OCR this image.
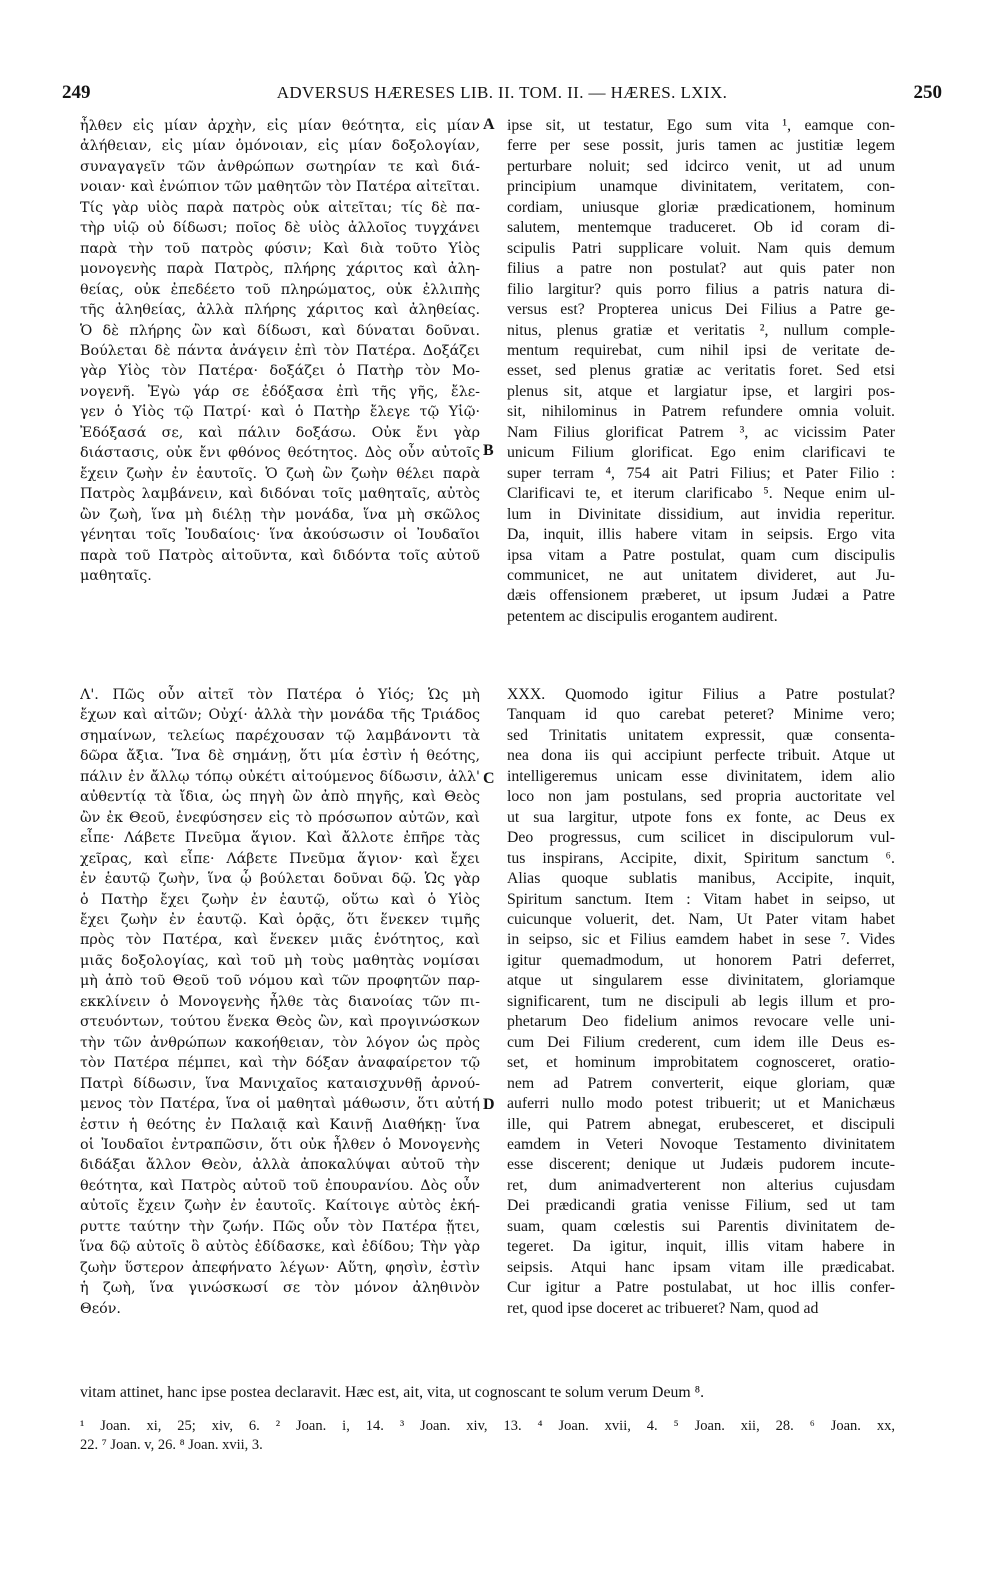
249	ADVERSUS HÆRESES LIB. II. TOM. II. — HÆRES. LXIX.	250
A
B
C
D
ἦλθεν εἰς μίαν ἀρχὴν, εἰς μίαν θεότητα, εἰς μίαν
ἀλήθειαν, εἰς μίαν ὁμόνοιαν, εἰς μίαν δοξολογίαν,
συναγαγεῖν τῶν ἀνθρώπων σωτηρίαν τε καὶ διά-
νοιαν· καὶ ἐνώπιον τῶν μαθητῶν τὸν Πατέρα αἰτεῖται.
Τίς γὰρ υἱὸς παρὰ πατρὸς οὐκ αἰτεῖται; τίς δὲ πα-
τὴρ υἱῷ οὐ δίδωσι; ποῖος δὲ υἱὸς ἀλλοῖος τυγχάνει
παρὰ τὴν τοῦ πατρὸς φύσιν; Καὶ διὰ τοῦτο Υἱὸς
μονογενὴς παρὰ Πατρὸς, πλήρης χάριτος καὶ ἀλη-
θείας, οὐκ ἐπεδέετο τοῦ πληρώματος, οὐκ ἐλλιπὴς
τῆς ἀληθείας, ἀλλὰ πλήρης χάριτος καὶ ἀληθείας.
Ὁ δὲ πλήρης ὢν καὶ δίδωσι, καὶ δύναται δοῦναι.
Βούλεται δὲ πάντα ἀνάγειν ἐπὶ τὸν Πατέρα. Δοξάζει
γὰρ Υἱὸς τὸν Πατέρα· δοξάζει ὁ Πατὴρ τὸν Μο-
νογενῆ. Ἐγὼ γάρ σε ἐδόξασα ἐπὶ τῆς γῆς, ἔλε-
γεν ὁ Υἱὸς τῷ Πατρί· καὶ ὁ Πατὴρ ἔλεγε τῷ Υἱῷ·
Ἐδόξασά σε, καὶ πάλιν δοξάσω. Οὐκ ἔνι γὰρ
διάστασις, οὐκ ἔνι φθόνος θεότητος. Δὸς οὖν αὐτοῖς
ἔχειν ζωὴν ἐν ἑαυτοῖς. Ὁ ζωὴ ὢν ζωὴν θέλει παρὰ
Πατρὸς λαμβάνειν, καὶ διδόναι τοῖς μαθηταῖς, αὐτὸς
ὢν ζωὴ, ἵνα μὴ διέλῃ τὴν μονάδα, ἵνα μὴ σκῶλος
γένηται τοῖς Ἰουδαίοις· ἵνα ἀκούσωσιν οἱ Ἰουδαῖοι
παρὰ τοῦ Πατρὸς αἰτοῦντα, καὶ διδόντα τοῖς αὐτοῦ
μαθηταῖς.
Λ'. Πῶς οὖν αἰτεῖ τὸν Πατέρα ὁ Υἱός; Ὡς μὴ
ἔχων καὶ αἰτῶν; Οὐχί· ἀλλὰ τὴν μονάδα τῆς Τριάδος
σημαίνων, τελείως παρέχουσαν τῷ λαμβάνοντι τὰ
δῶρα ἄξια. Ἵνα δὲ σημάνῃ, ὅτι μία ἐστὶν ἡ θεότης,
πάλιν ἐν ἄλλῳ τόπῳ οὐκέτι αἰτούμενος δίδωσιν, ἀλλ'
αὐθεντίᾳ τὰ ἴδια, ὡς πηγὴ ὢν ἀπὸ πηγῆς, καὶ Θεὸς
ὢν ἐκ Θεοῦ, ἐνεφύσησεν εἰς τὸ πρόσωπον αὐτῶν, καὶ
εἶπε· Λάβετε Πνεῦμα ἅγιον. Καὶ ἄλλοτε ἐπῆρε τὰς
χεῖρας, καὶ εἶπε· Λάβετε Πνεῦμα ἅγιον· καὶ ἔχει
ἐν ἑαυτῷ ζωὴν, ἵνα ᾧ βούλεται δοῦναι δῷ. Ὡς γὰρ
ὁ Πατὴρ ἔχει ζωὴν ἐν ἑαυτῷ, οὕτω καὶ ὁ Υἱὸς
ἔχει ζωὴν ἐν ἑαυτῷ. Καὶ ὁρᾷς, ὅτι ἕνεκεν τιμῆς
πρὸς τὸν Πατέρα, καὶ ἕνεκεν μιᾶς ἑνότητος, καὶ
μιᾶς δοξολογίας, καὶ τοῦ μὴ τοὺς μαθητὰς νομίσαι
μὴ ἀπὸ τοῦ Θεοῦ τοῦ νόμου καὶ τῶν προφητῶν παρ-
εκκλίνειν ὁ Μονογενὴς ἦλθε τὰς διανοίας τῶν πι-
στευόντων, τούτου ἕνεκα Θεὸς ὢν, καὶ προγινώσκων
τὴν τῶν ἀνθρώπων κακοήθειαν, τὸν λόγον ὡς πρὸς
τὸν Πατέρα πέμπει, καὶ τὴν δόξαν ἀναφαίρετον τῷ
Πατρὶ δίδωσιν, ἵνα Μανιχαῖος καταισχυνθῇ ἀρνού-
μενος τὸν Πατέρα, ἵνα οἱ μαθηταὶ μάθωσιν, ὅτι αὐτή
ἐστιν ἡ θεότης ἐν Παλαιᾷ καὶ Καινῇ Διαθήκῃ· ἵνα
οἱ Ἰουδαῖοι ἐντραπῶσιν, ὅτι οὐκ ἦλθεν ὁ Μονογενὴς
διδάξαι ἄλλον Θεὸν, ἀλλὰ ἀποκαλύψαι αὐτοῦ τὴν
θεότητα, καὶ Πατρὸς αὐτοῦ τοῦ ἐπουρανίου. Δὸς οὖν
αὐτοῖς ἔχειν ζωὴν ἐν ἑαυτοῖς. Καίτοιγε αὐτὸς ἐκή-
ρυττε ταύτην τὴν ζωήν. Πῶς οὖν τὸν Πατέρα ᾔτει,
ἵνα δῷ αὐτοῖς ὃ αὐτὸς ἐδίδασκε, καὶ ἐδίδου; Τὴν γὰρ
ζωὴν ὕστερον ἀπεφήνατο λέγων· Αὕτη, φησὶν, ἐστὶν
ἡ ζωὴ, ἵνα γινώσκωσί σε τὸν μόνον ἀληθινὸν
Θεόν.
ipse sit, ut testatur, Ego sum vita ¹, eamque con-
ferre per sese possit, juris tamen ac justitiæ legem
perturbare noluit; sed idcirco venit, ut ad unum
principium unamque divinitatem, veritatem, con-
cordiam, uniusque gloriæ prædicationem, hominum
salutem, mentemque traduceret. Ob id coram di-
scipulis Patri supplicare voluit. Nam quis demum
filius a patre non postulat? aut quis pater non
filio largitur? quis porro filius a patris natura di-
versus est? Propterea unicus Dei Filius a Patre ge-
nitus, plenus gratiæ et veritatis ², nullum comple-
mentum requirebat, cum nihil ipsi de veritate de-
esset, sed plenus gratiæ ac veritatis foret. Sed etsi
plenus sit, atque et largiatur ipse, et largiri pos-
sit, nihilominus in Patrem refundere omnia voluit.
Nam Filius glorificat Patrem ³, ac vicissim Pater
unicum Filium glorificat. Ego enim clarificavi te
super terram ⁴, 754 ait Patri Filius; et Pater Filio :
Clarificavi te, et iterum clarificabo ⁵. Neque enim ul-
lum in Divinitate dissidium, aut invidia reperitur.
Da, inquit, illis habere vitam in seipsis. Ergo vita
ipsa vitam a Patre postulat, quam cum discipulis
communicet, ne aut unitatem divideret, aut Ju-
dæis offensionem præberet, ut ipsum Judæi a Patre
petentem ac discipulis erogantem audirent.
XXX. Quomodo igitur Filius a Patre postulat?
Tanquam id quo carebat peteret? Minime vero;
sed Trinitatis unitatem expressit, quæ consenta-
nea dona iis qui accipiunt perfecte tribuit. Atque ut
intelligeremus unicam esse divinitatem, idem alio
loco non jam postulans, sed propria auctoritate vel
ut sua largitur, utpote fons ex fonte, ac Deus ex
Deo progressus, cum scilicet in discipulorum vul-
tus inspirans, Accipite, dixit, Spiritum sanctum ⁶.
Alias quoque sublatis manibus, Accipite, inquit,
Spiritum sanctum. Item : Vitam habet in seipso, ut
cuicunque voluerit, det. Nam, Ut Pater vitam habet
in seipso, sic et Filius eamdem habet in sese ⁷. Vides
igitur quemadmodum, ut honorem Patri deferret,
atque ut singularem esse divinitatem, gloriamque
significarent, tum ne discipuli ab legis illum et pro-
phetarum Deo fidelium animos revocare velle uni-
cum Dei Filium crederent, cum idem ille Deus es-
set, et hominum improbitatem cognosceret, oratio-
nem ad Patrem converterit, eique gloriam, quæ
auferri nullo modo potest tribuerit; ut et Manichæus
ille, qui Patrem abnegat, erubesceret, et discipuli
eamdem in Veteri Novoque Testamento divinitatem
esse discerent; denique ut Judæis pudorem incute-
ret, dum animadverterent non alterius cujusdam
Dei prædicandi gratia venisse Filium, sed ut tam
suam, quam cœlestis sui Parentis divinitatem de-
tegeret. Da igitur, inquit, illis vitam habere in
seipsis. Atqui hanc ipsam vitam ille prædicabat.
Cur igitur a Patre postulabat, ut hoc illis confer-
ret, quod ipse doceret ac tribueret? Nam, quod ad
vitam attinet, hanc ipse postea declaravit. Hæc est, ait, vita, ut cognoscant te solum verum Deum ⁸.
¹ Joan. xi, 25; xiv, 6. ² Joan. i, 14. ³ Joan. xiv, 13. ⁴ Joan. xvii, 4. ⁵ Joan. xii, 28. ⁶ Joan. xx,
22. ⁷ Joan. v, 26. ⁸ Joan. xvii, 3.
